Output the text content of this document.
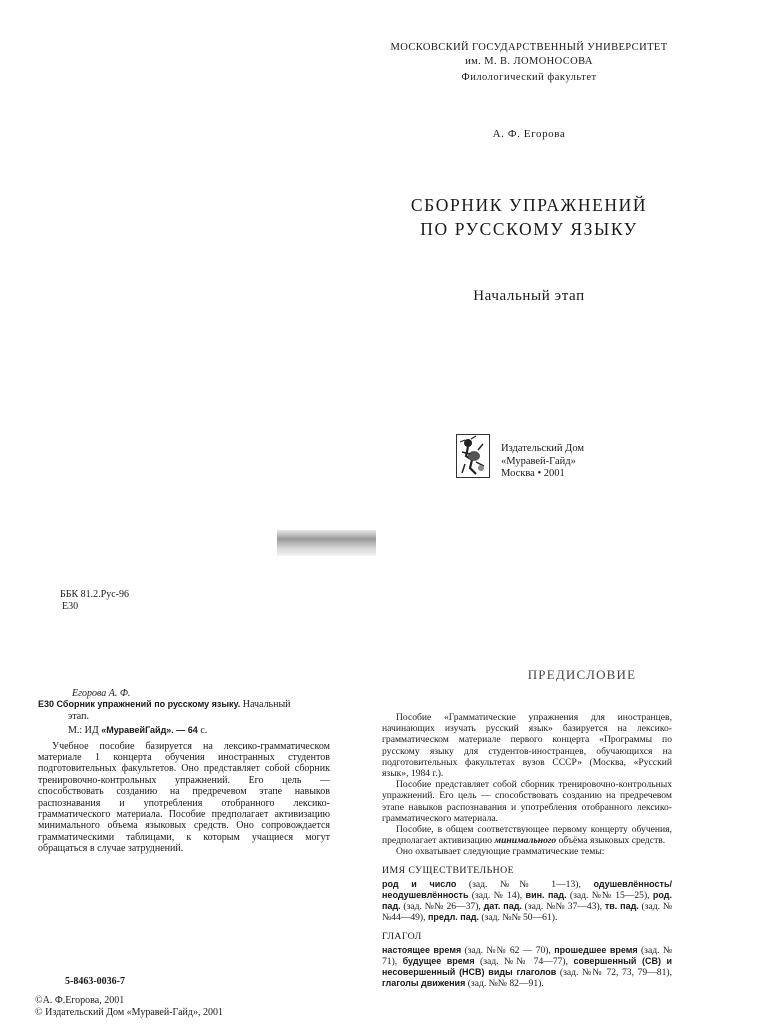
МОСКОВСКИЙ ГОСУДАРСТВЕННЫЙ УНИВЕРСИТЕТ
им. М. В. ЛОМОНОСОВА
Филологический факультет
А. Ф. Егорова
СБОРНИК УПРАЖНЕНИЙ
ПО РУССКОМУ ЯЗЫКУ
Начальный этап
Издательский Дом
«Муравей-Гайд»
Москва • 2001
ББК 81.2.Рус-96
Е30
ПРЕДИСЛОВИЕ
Егорова А. Ф.
Е30 Сборник упражнений по русскому языку. Начальный
этап.
М.: ИД «МуравейГайд». — 64 с.
Учебное пособие базируется на лексико-грамматическом материале 1 концерта обучения иностранных студентов подготовительных факультетов. Оно представляет собой сборник тренировочно-контрольных упражнений. Его цель — способствовать созданию на предречевом этапе навыков распознавания и употребления отобранного лексико-грамматического материала. Пособие предполагает активизацию минимального объема языковых средств. Оно сопровождается грамматическими таблицами, к которым учащиеся могут обращаться в случае затруднений.
5-8463-0036-7
©А. Ф.Егорова, 2001
© Издательский Дом «Муравей-Гайд», 2001

Пособие «Грамматические упражнения для иностранцев, начинающих изучать русский язык» базируется на лексико-грамматическом материале первого концерта «Программы по русскому языку для студентов-иностранцев, обучающихся на подготовительных факультетах вузов СССР» (Москва, «Русский язык», 1984 г.).

Пособие представляет собой сборник тренировочно-контрольных упражнений. Его цель — способствовать созданию на предречевом этапе навыков распознавания и употребления отобранного лексико-грамматического материала.

Пособие, в общем соответствующее первому концерту обучения, предполагает активизацию минимального объёма языковых средств.

Оно охватывает следующие грамматические темы:

ИМЯ СУЩЕСТВИТЕЛЬНОЕ
род и число (зад. №№ 1—13), одушевлённость/неодушевлённость (зад. № 14), вин. пад. (зад. №№ 15—25), род. пад. (зад. №№ 26—37), дат. пад. (зад. №№ 37—43), тв. пад. (зад. №№44—49), предл. пад. (зад. №№ 50—61).
ГЛАГОЛ
настоящее время (зад. №№ 62 — 70), прошедшее время (зад. № 71), будущее время (зад. №№ 74—77), совершенный (СВ) и несовершенный (НСВ) виды глаголов (зад. №№ 72, 73, 79—81), глаголы движения (зад. №№ 82—91).
